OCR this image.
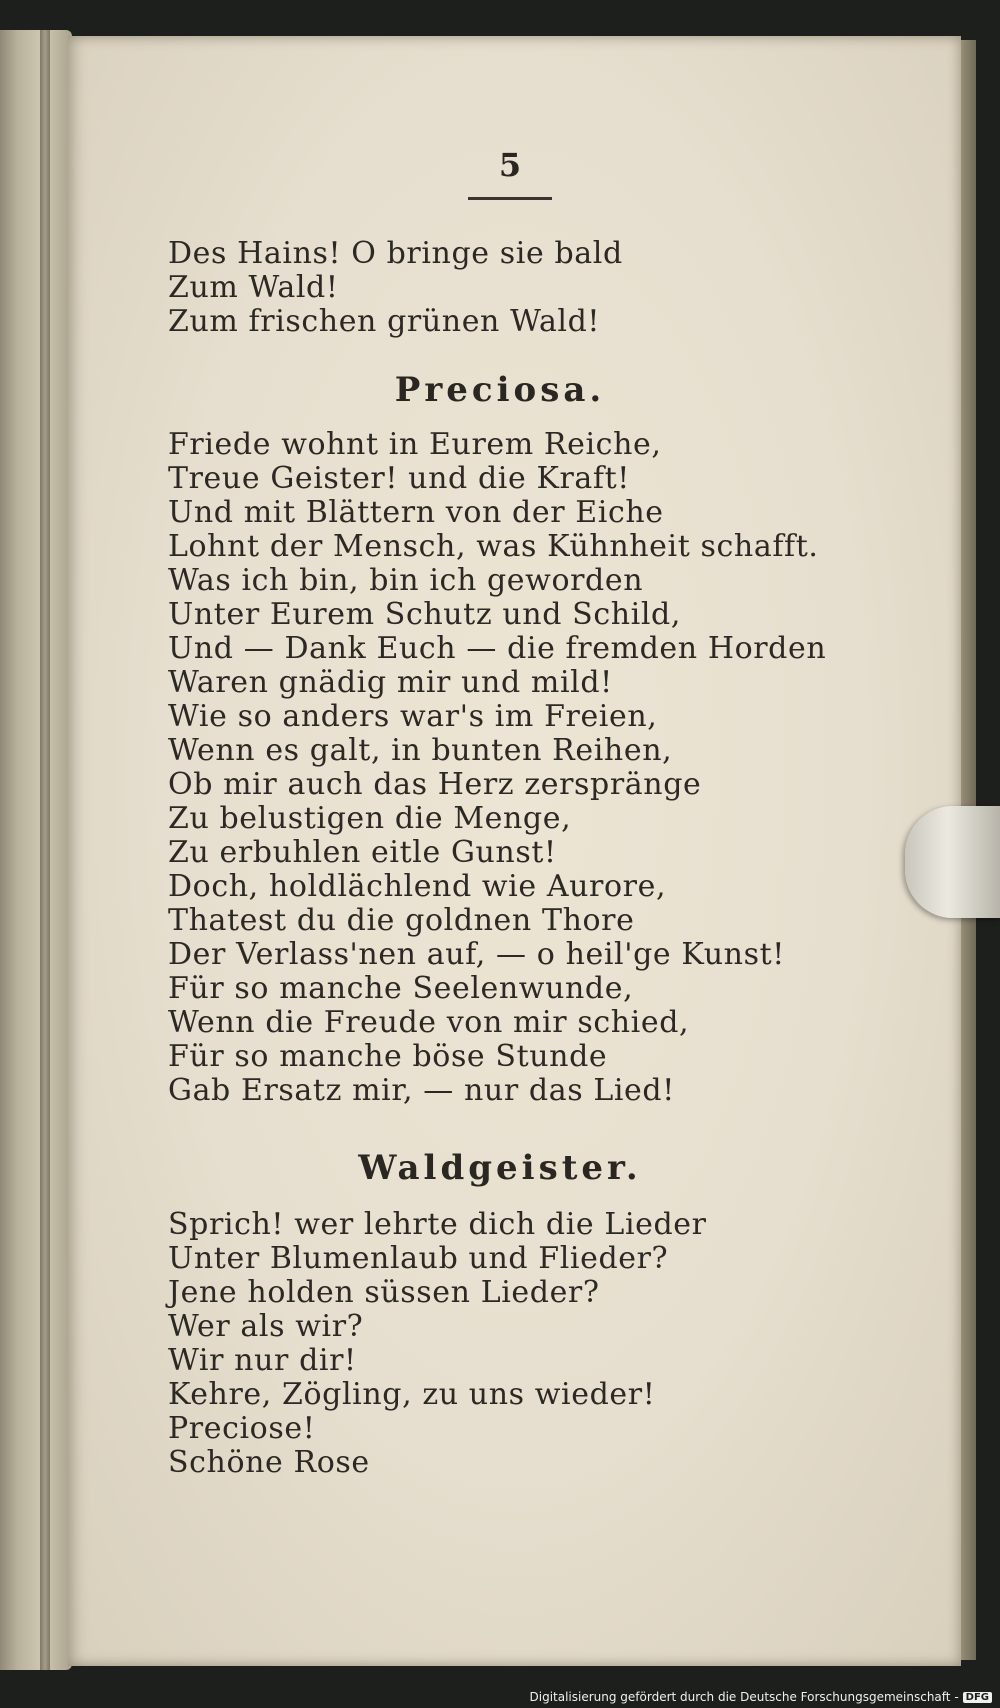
5
Des Hains! O bringe sie bald
Zum Wald!
Zum frischen grünen Wald!
Preciosa.
Friede wohnt in Eurem Reiche,
Treue Geister! und die Kraft!
Und mit Blättern von der Eiche
Lohnt der Mensch, was Kühnheit schafft.
Was ich bin, bin ich geworden
Unter Eurem Schutz und Schild,
Und — Dank Euch — die fremden Horden
Waren gnädig mir und mild!
Wie so anders war's im Freien,
Wenn es galt, in bunten Reihen,
Ob mir auch das Herz zerspränge
Zu belustigen die Menge,
Zu erbuhlen eitle Gunst!
Doch, holdlächlend wie Aurore,
Thatest du die goldnen Thore
Der Verlass'nen auf, — o heil'ge Kunst!
Für so manche Seelenwunde,
Wenn die Freude von mir schied,
Für so manche böse Stunde
Gab Ersatz mir, — nur das Lied!
Waldgeister.
Sprich! wer lehrte dich die Lieder
Unter Blumenlaub und Flieder?
Jene holden süssen Lieder?
Wer als wir?
Wir nur dir!
Kehre, Zögling, zu uns wieder!
Preciose!
Schöne Rose
Digitalisierung gefördert durch die Deutsche Forschungsgemeinschaft - DFG
